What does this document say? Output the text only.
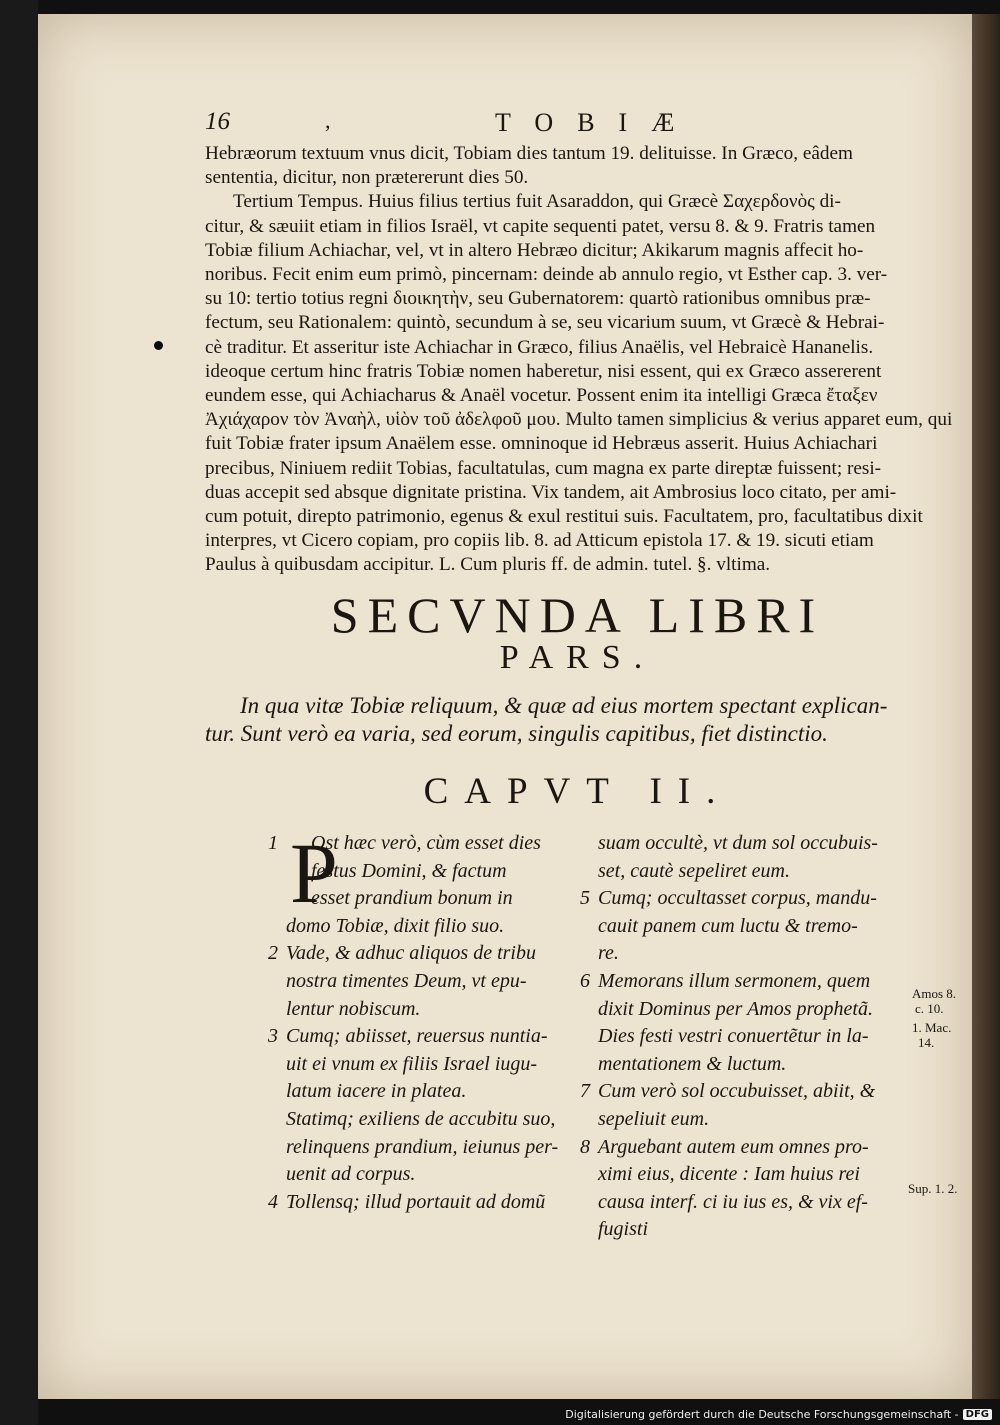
16	,	TOBIÆ
Hebræorum textuum vnus dicit, Tobiam dies tantum 19. delituisse. In Græco, eâdem
sententia, dicitur, non prætererunt dies 50.
Tertium Tempus. Huius filius tertius fuit Asaraddon, qui Græcè Σαχερδονὸς di-
citur, & sæuiit etiam in filios Israël, vt capite sequenti patet, versu 8. & 9. Fratris tamen
Tobiæ filium Achiachar, vel, vt in altero Hebræo dicitur; Akikarum magnis affecit ho-
noribus. Fecit enim eum primò, pincernam: deinde ab annulo regio, vt Esther cap. 3. ver-
su 10: tertio totius regni διοικητὴν, seu Gubernatorem: quartò rationibus omnibus præ-
fectum, seu Rationalem: quintò, secundum à se, seu vicarium suum, vt Græcè & Hebrai-
cè traditur. Et asseritur iste Achiachar in Græco, filius Anaëlis, vel Hebraicè Hananelis.
ideoque certum hinc fratris Tobiæ nomen haberetur, nisi essent, qui ex Græco assererent
eundem esse, qui Achiacharus & Anaël vocetur. Possent enim ita intelligi Græca ἔταξεν
Ἀχιάχαρον τὸν Ἀναὴλ, υἱὸν τοῦ ἀδελφοῦ μου. Multo tamen simplicius & verius apparet eum, qui
fuit Tobiæ frater ipsum Anaëlem esse. omninoque id Hebræus asserit. Huius Achiachari
precibus, Niniuem rediit Tobias, facultatulas, cum magna ex parte direptæ fuissent; resi-
duas accepit sed absque dignitate pristina. Vix tandem, ait Ambrosius loco citato, per ami-
cum potuit, direpto patrimonio, egenus & exul restitui suis. Facultatem, pro, facultatibus dixit
interpres, vt Cicero copiam, pro copiis lib. 8. ad Atticum epistola 17. & 19. sicuti etiam
Paulus à quibusdam accipitur. L. Cum pluris ff. de admin. tutel. §. vltima.
SECVNDA LIBRI
PARS.
In qua vitæ Tobiæ reliquum, & quæ ad eius mortem spectant explican-
tur. Sunt verò ea varia, sed eorum, singulis capitibus, fiet distinctio.
CAPVT II.
P
1     Ost hæc verò, cùm esset dies
festus Domini, & factum
esset prandium bonum in
domo Tobiæ, dixit filio suo.
2 Vade, & adhuc aliquos de tribu
nostra timentes Deum, vt epu-
lentur nobiscum.
3 Cumq; abiisset, reuersus nuntia-
uit ei vnum ex filiis Israel iugu-
latum iacere in platea.
Statimq; exiliens de accubitu suo,
relinquens prandium, ieiunus per-
uenit ad corpus.
4 Tollensq; illud portauit ad domũ
suam occultè, vt dum sol occubuis-
set, cautè sepeliret eum.
5 Cumq; occultasset corpus, mandu-
cauit panem cum luctu & tremo-
re.
6 Memorans illum sermonem, quem
dixit Dominus per Amos prophetã.
Dies festi vestri conuertẽtur in la-
mentationem & luctum.
7 Cum verò sol occubuisset, abiit, &
sepeliuit eum.
8 Arguebant autem eum omnes pro-
ximi eius, dicente : Iam huius rei
causa interf. ci iu ius es, & vix ef-
fugisti
Amos 8.
c. 10.
1. Mac.
14.
Sup. 1. 2.
Digitalisierung gefördert durch die Deutsche Forschungsgemeinschaft - DFG
